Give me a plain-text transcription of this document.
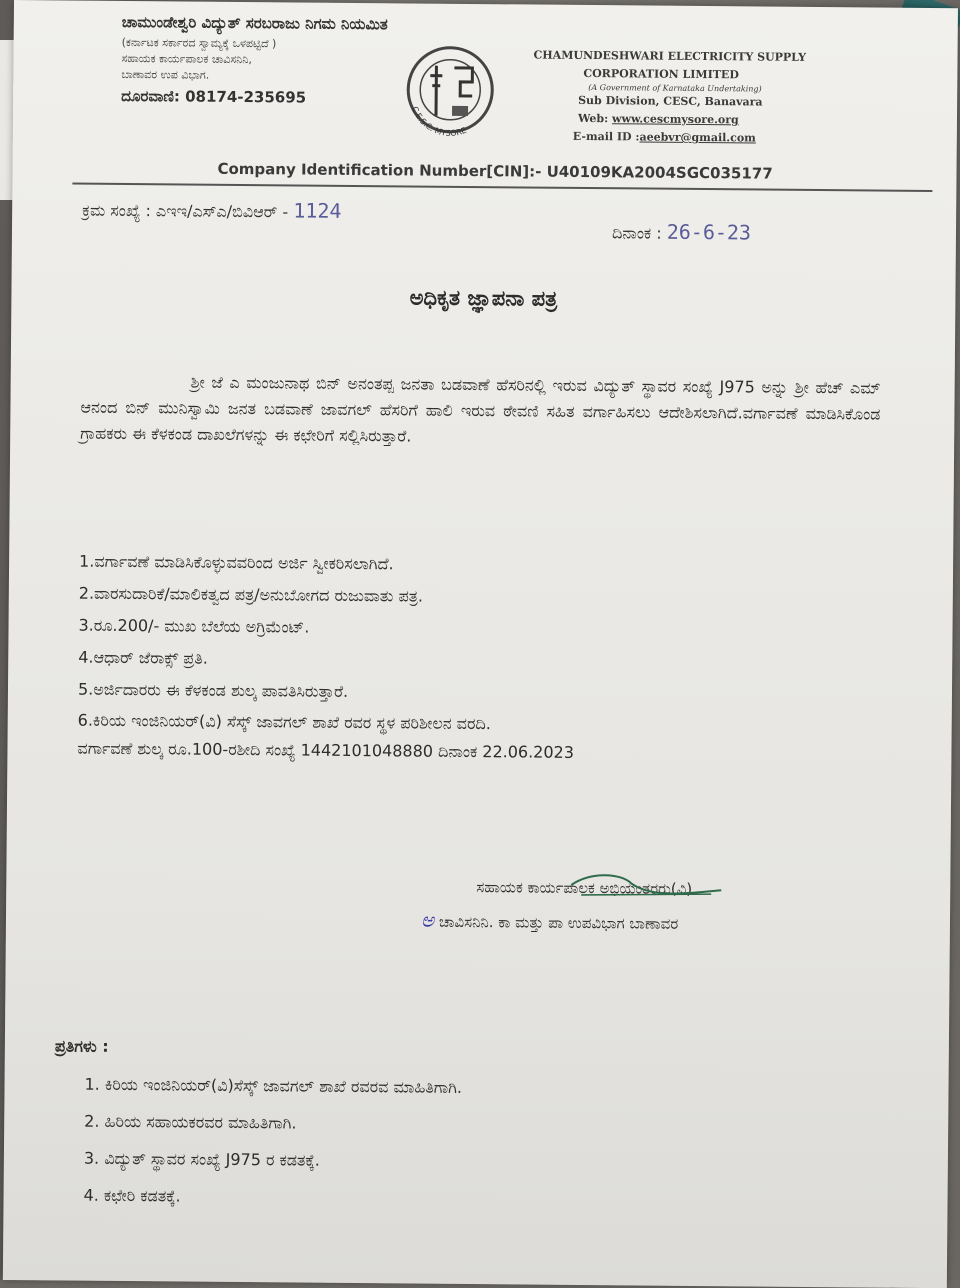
ಚಾಮುಂಡೇಶ್ವರಿ ವಿದ್ಯುತ್ ಸರಬರಾಜು ನಿಗಮ ನಿಯಮಿತ
(ಕರ್ನಾಟಕ ಸರ್ಕಾರದ ಸ್ವಾಮ್ಯಕ್ಕೆ ಒಳಪಟ್ಟಿದೆ )
ಸಹಾಯಕ ಕಾರ್ಯಪಾಲಕ ಚಾವಿಸನಿನಿ,
ಬಾಣಾವರ ಉಪ ವಿಭಾಗ.
ದೂರವಾಣಿ: 08174-235695
C.E.S.C. MYSORE
CHAMUNDESHWARI ELECTRICITY SUPPLY
CORPORATION LIMITED
(A Government of Karnataka Undertaking)
Sub Division, CESC, Banavara
Web: www.cescmysore.org
E-mail ID :aeebvr@gmail.com
Company Identification Number[CIN]:- U40109KA2004SGC035177
ಕ್ರಮ ಸಂಖ್ಯೆ : ಎಇಇ/ಎಸ್ಎ/ಬಿವಿಆರ್ - 1124
ದಿನಾಂಕ : 26-6-23
ಅಧಿಕೃತ ಜ್ಞಾಪನಾ ಪತ್ರ
ಶ್ರೀ ಜೆ ಎ ಮಂಜುನಾಥ ಬಿನ್ ಅನಂತಪ್ಪ ಜನತಾ ಬಡವಾಣೆ ಹೆಸರಿನಲ್ಲಿ ಇರುವ ವಿದ್ಯುತ್ ಸ್ಥಾವರ ಸಂಖ್ಯೆ J975 ಅನ್ನು ಶ್ರೀ ಹೆಚ್ ಎಮ್ ಆನಂದ ಬಿನ್ ಮುನಿಸ್ವಾಮಿ ಜನತ ಬಡವಾಣೆ ಜಾವಗಲ್ ಹೆಸರಿಗೆ ಹಾಲಿ ಇರುವ ಠೇವಣಿ ಸಹಿತ ವರ್ಗಾಹಿಸಲು ಆದೇಶಿಸಲಾಗಿದೆ.ವರ್ಗಾವಣೆ ಮಾಡಿಸಿಕೊಂಡ ಗ್ರಾಹಕರು ಈ ಕೆಳಕಂಡ ದಾಖಲೆಗಳನ್ನು ಈ ಕಛೇರಿಗೆ ಸಲ್ಲಿಸಿರುತ್ತಾರೆ.
1.ವರ್ಗಾವಣೆ ಮಾಡಿಸಿಕೊಳ್ಳುವವರಿಂದ ಅರ್ಜಿ ಸ್ವೀಕರಿಸಲಾಗಿದೆ.
2.ವಾರಸುದಾರಿಕೆ/ಮಾಲಿಕತ್ವದ ಪತ್ರ/ಅನುಬೋಗದ ರುಜುವಾತು ಪತ್ರ.
3.ರೂ.200/- ಮುಖ ಬೆಲೆಯ ಅಗ್ರಿಮೆಂಟ್.
4.ಆಧಾರ್ ಜೆರಾಕ್ಸ್ ಪ್ರತಿ.
5.ಅರ್ಜಿದಾರರು ಈ ಕೆಳಕಂಡ ಶುಲ್ಕ ಪಾವತಿಸಿರುತ್ತಾರೆ.
6.ಕಿರಿಯ ಇಂಜಿನಿಯರ್(ವಿ) ಸೆಸ್ಕ್ ಜಾವಗಲ್ ಶಾಖೆ ರವರ ಸ್ಥಳ ಪರಿಶೀಲನ ವರದಿ.
ವರ್ಗಾವಣೆ ಶುಲ್ಕ ರೂ.100-ರಶೀದಿ ಸಂಖ್ಯೆ 1442101048880 ದಿನಾಂಕ 22.06.2023
ಸಹಾಯಕ ಕಾರ್ಯಪಾಲಕ ಅಭಿಯಂತರರು(ವಿ)
ಅ ಚಾವಿಸನಿನಿ. ಕಾ ಮತ್ತು ಪಾ ಉಪವಿಭಾಗ ಬಾಣಾವರ
ಪ್ರತಿಗಳು :
1. ಕಿರಿಯ ಇಂಜಿನಿಯರ್(ವಿ)ಸೆಸ್ಕ್ ಜಾವಗಲ್ ಶಾಖೆ ರವರವ ಮಾಹಿತಿಗಾಗಿ.
2. ಹಿರಿಯ ಸಹಾಯಕರವರ ಮಾಹಿತಿಗಾಗಿ.
3. ವಿದ್ಯುತ್ ಸ್ಥಾವರ ಸಂಖ್ಯೆ J975 ರ ಕಡತಕ್ಕೆ.
4. ಕಛೇರಿ ಕಡತಕ್ಕೆ.
